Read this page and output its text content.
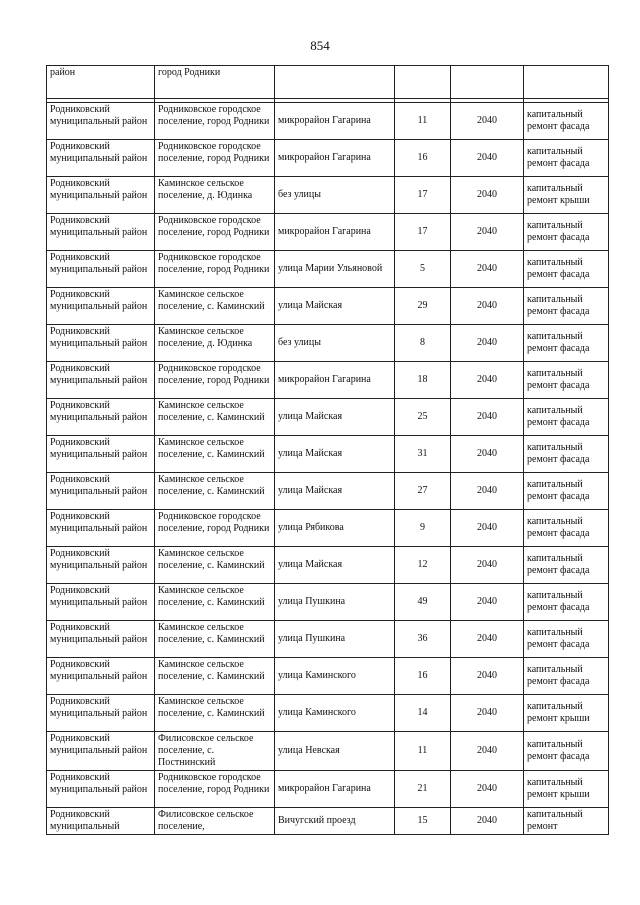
854
район	город Родники				

Родниковский муниципальный район	Родниковское городское поселение, город Родники	микрорайон Гагарина	11	2040	капитальный ремонт фасада
Родниковский муниципальный район	Родниковское городское поселение, город Родники	микрорайон Гагарина	16	2040	капитальный ремонт фасада
Родниковский муниципальный район	Каминское сельское поселение, д. Юдинка	без улицы	17	2040	капитальный ремонт крыши
Родниковский муниципальный район	Родниковское городское поселение, город Родники	микрорайон Гагарина	17	2040	капитальный ремонт фасада
Родниковский муниципальный район	Родниковское городское поселение, город Родники	улица Марии Ульяновой	5	2040	капитальный ремонт фасада
Родниковский муниципальный район	Каминское сельское поселение, с. Каминский	улица Майская	29	2040	капитальный ремонт фасада
Родниковский муниципальный район	Каминское сельское поселение, д. Юдинка	без улицы	8	2040	капитальный ремонт фасада
Родниковский муниципальный район	Родниковское городское поселение, город Родники	микрорайон Гагарина	18	2040	капитальный ремонт фасада
Родниковский муниципальный район	Каминское сельское поселение, с. Каминский	улица Майская	25	2040	капитальный ремонт фасада
Родниковский муниципальный район	Каминское сельское поселение, с. Каминский	улица Майская	31	2040	капитальный ремонт фасада
Родниковский муниципальный район	Каминское сельское поселение, с. Каминский	улица Майская	27	2040	капитальный ремонт фасада
Родниковский муниципальный район	Родниковское городское поселение, город Родники	улица Рябикова	9	2040	капитальный ремонт фасада
Родниковский муниципальный район	Каминское сельское поселение, с. Каминский	улица Майская	12	2040	капитальный ремонт фасада
Родниковский муниципальный район	Каминское сельское поселение, с. Каминский	улица Пушкина	49	2040	капитальный ремонт фасада
Родниковский муниципальный район	Каминское сельское поселение, с. Каминский	улица Пушкина	36	2040	капитальный ремонт фасада
Родниковский муниципальный район	Каминское сельское поселение, с. Каминский	улица Каминского	16	2040	капитальный ремонт фасада
Родниковский муниципальный район	Каминское сельское поселение, с. Каминский	улица Каминского	14	2040	капитальный ремонт крыши
Родниковский муниципальный район	Филисовское сельское поселение, с. Постнинский	улица Невская	11	2040	капитальный ремонт фасада
Родниковский муниципальный район	Родниковское городское поселение, город Родники	микрорайон Гагарина	21	2040	капитальный ремонт крыши
Родниковский муниципальный	Филисовское сельское поселение,	Вичугский проезд	15	2040	капитальный ремонт
